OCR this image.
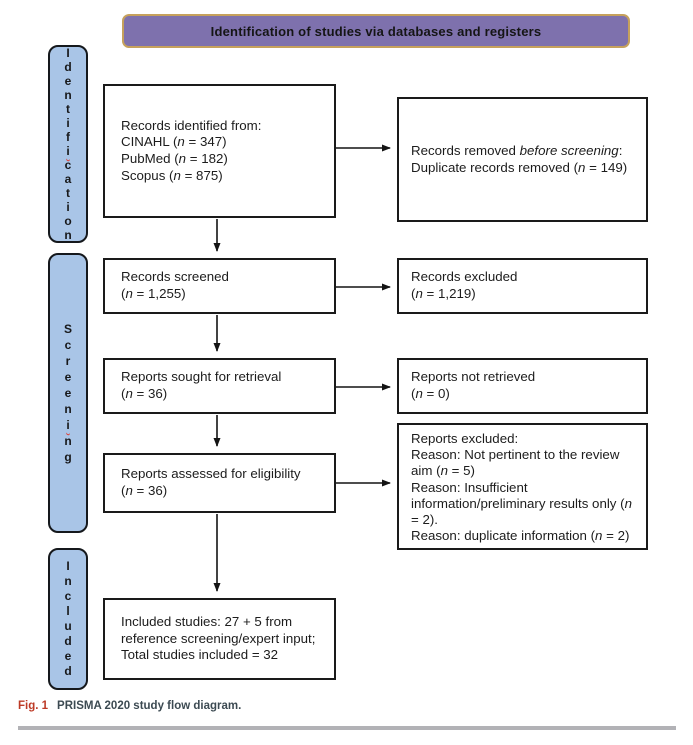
Identification of studies via databases and registers
I
d
e
n
t
i
f
i
c
a
t
i
o
n
S
c
r
e
e
n
i
n
g
I
n
c
l
u
d
e
d
Records identified from:
CINAHL (n = 347)
PubMed (n = 182)
Scopus (n = 875)
Records removed before screening:
Duplicate records removed (n = 149)
Records screened
(n = 1,255)
Records excluded
(n = 1,219)
Reports sought for retrieval
(n = 36)
Reports not retrieved
(n = 0)
Reports assessed for eligibility
(n = 36)
Reports excluded:
Reason: Not pertinent to the review aim (n = 5)
Reason: Insufficient information/preliminary results only (n = 2).
Reason: duplicate information (n = 2)
Included studies: 27 + 5 from reference screening/expert input;
Total studies included = 32
Fig. 1 PRISMA 2020 study flow diagram.
